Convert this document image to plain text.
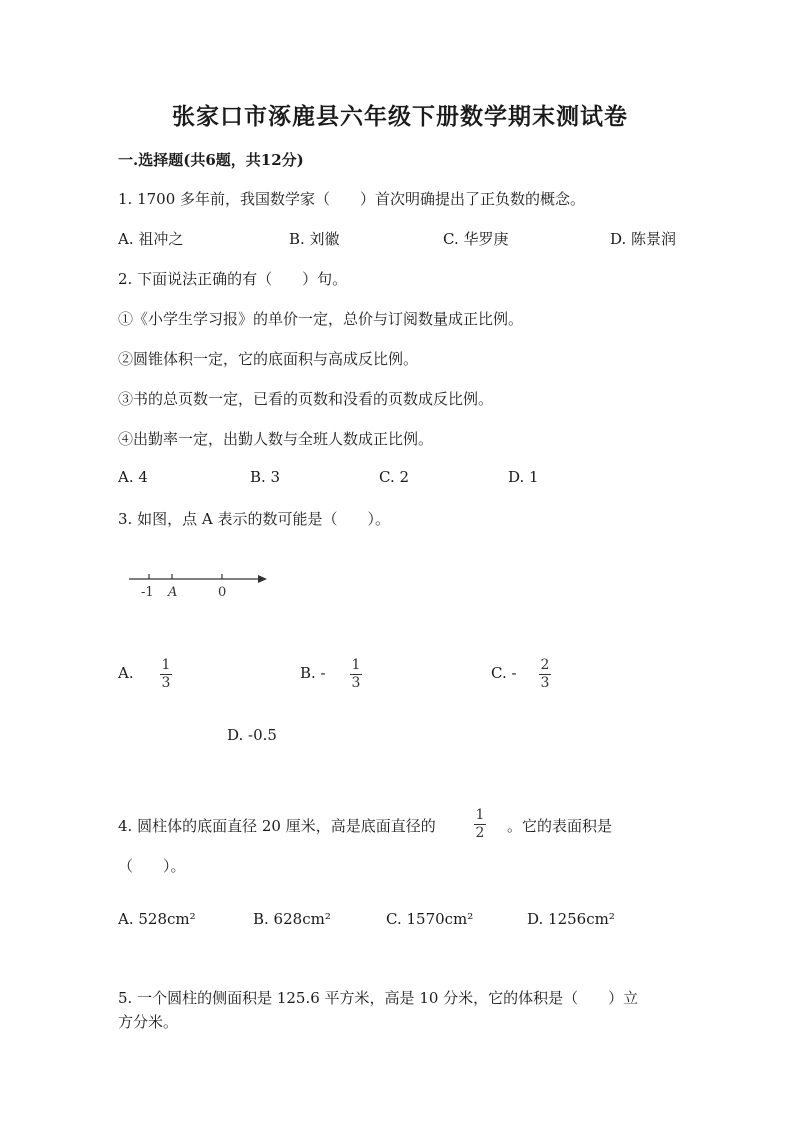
张家口市涿鹿县六年级下册数学期末测试卷
一.选择题(共6题，共12分)
1. 1700 多年前，我国数学家（　　）首次明确提出了正负数的概念。
A. 祖冲之	B. 刘徽	C. 华罗庚	D. 陈景润
2. 下面说法正确的有（　　）句。
①《小学生学习报》的单价一定，总价与订阅数量成正比例。
②圆锥体积一定，它的底面积与高成反比例。
③书的总页数一定，已看的页数和没看的页数成反比例。
④出勤率一定，出勤人数与全班人数成正比例。
A. 4	B. 3	C. 2	D. 1
3. 如图，点 A 表示的数可能是（　　）。
-1 A	0
A. 1
3
B. - 1
3
C. - 2
3
D. -0.5
4. 圆柱体的底面直径 20 厘米，高是底面直径的
1
2 。它的表面积是
（　　）。
A. 528cm²	B. 628cm²	C. 1570cm²	D. 1256cm²
5. 一个圆柱的侧面积是 125.6 平方米，高是 10 分米，它的体积是（　　）立
方分米。
